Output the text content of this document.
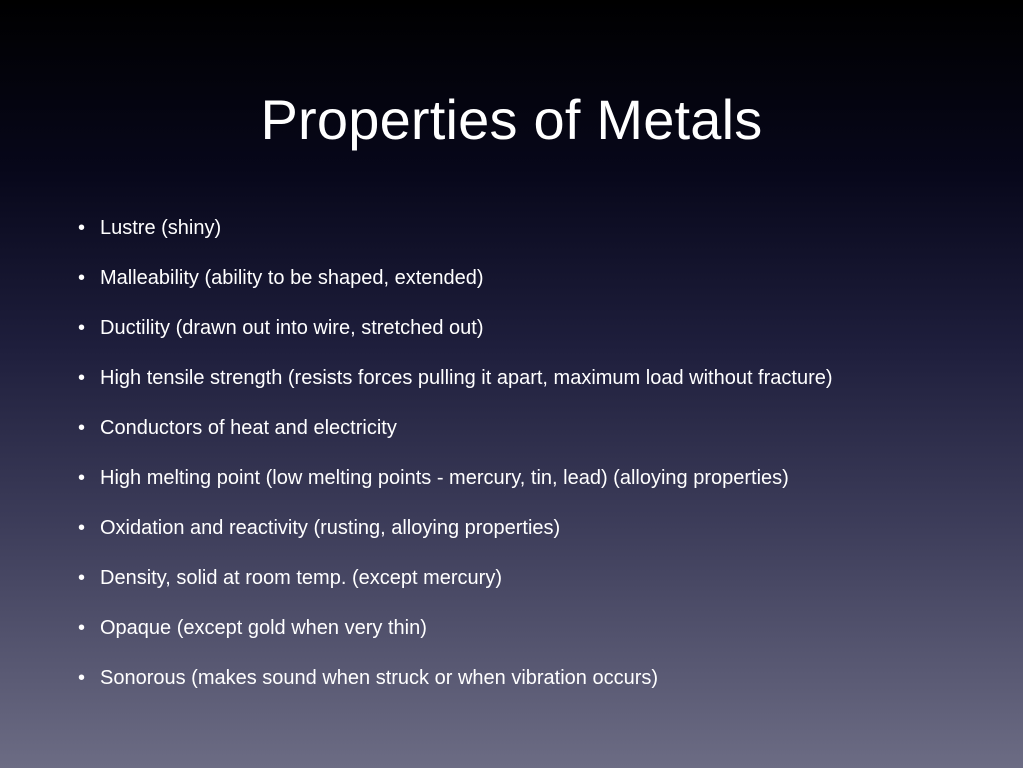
Properties of Metals
• Lustre (shiny)
• Malleability (ability to be shaped, extended)
• Ductility (drawn out into wire, stretched out)
• High tensile strength (resists forces pulling it apart, maximum load without fracture)
• Conductors of heat and electricity
• High melting point (low melting points - mercury, tin, lead) (alloying properties)
• Oxidation and reactivity (rusting, alloying properties)
• Density, solid at room temp. (except mercury)
• Opaque (except gold when very thin)
• Sonorous (makes sound when struck or when vibration occurs)
